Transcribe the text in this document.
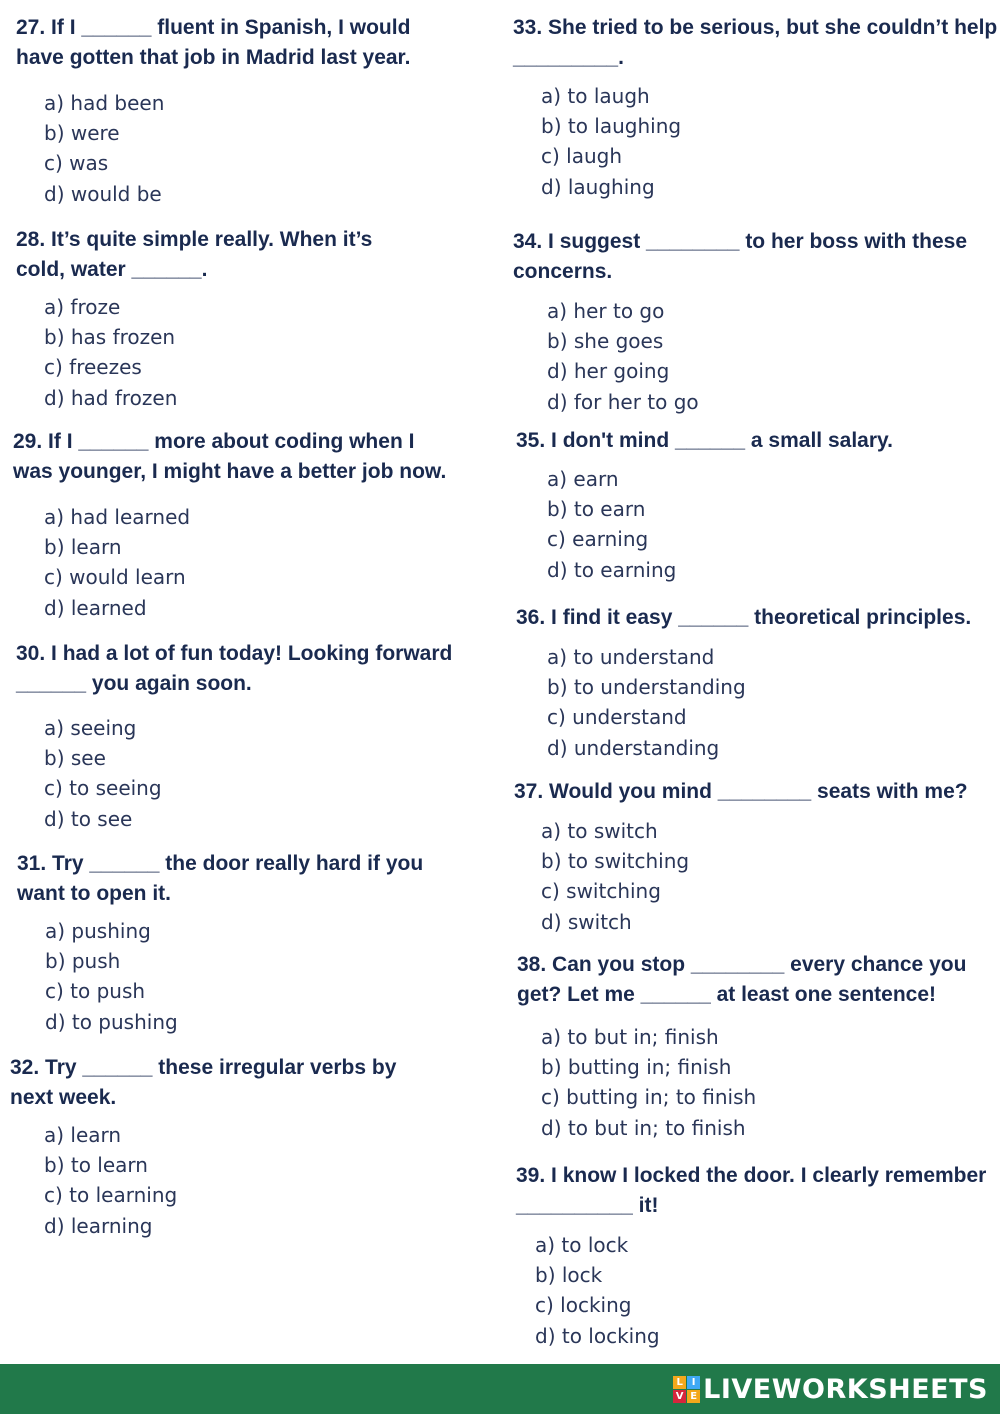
27. If I ______ fluent in Spanish, I would
have gotten that job in Madrid last year.

a) had been
b) were
c) was
d) would be

28. It’s quite simple really. When it’s
cold, water ______.

a) froze
b) has frozen
c) freezes
d) had frozen

29. If I ______ more about coding when I
was younger, I might have a better job now.

a) had learned
b) learn
c) would learn
d) learned

30. I had a lot of fun today! Looking forward
______ you again soon.

a) seeing
b) see
c) to seeing
d) to see

31. Try ______ the door really hard if you
want to open it.

a) pushing
b) push
c) to push
d) to pushing

32. Try ______ these irregular verbs by
next week.

a) learn
b) to learn
c) to learning
d) learning

33. She tried to be serious, but she couldn’t help
_________.

a) to laugh
b) to laughing
c) laugh
d) laughing

34. I suggest ________ to her boss with these
concerns.

a) her to go
b) she goes
d) her going
d) for her to go

35. I don't mind ______ a small salary.

a) earn
b) to earn
c) earning
d) to earning

36. I find it easy ______ theoretical principles.

a) to understand
b) to understanding
c) understand
d) understanding

37. Would you mind ________ seats with me?

a) to switch
b) to switching
c) switching
d) switch

38. Can you stop ________ every chance you
get? Let me ______ at least one sentence!

a) to but in; finish
b) butting in; finish
c) butting in; to finish
d) to but in; to finish

39. I know I locked the door. I clearly remember
__________ it!

a) to lock
b) lock
c) locking
d) to locking
L I
V E LIVEWORKSHEETS
